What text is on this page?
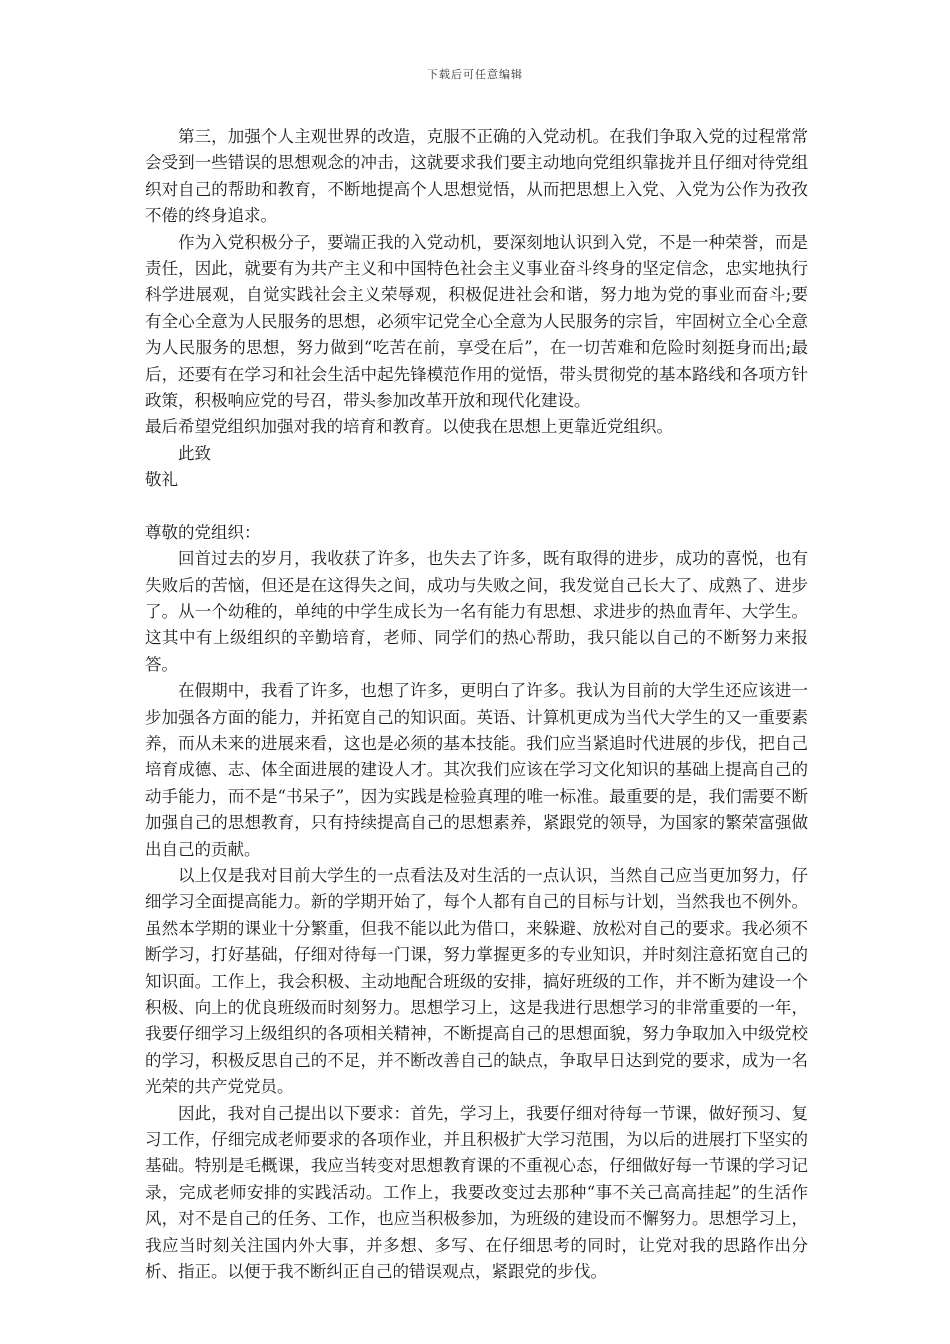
下载后可任意编辑

第三，加强个人主观世界的改造，克服不正确的入党动机。在我们争取入党的过程常常会受到一些错误的思想观念的冲击，这就要求我们要主动地向党组织靠拢并且仔细对待党组织对自己的帮助和教育，不断地提高个人思想觉悟，从而把思想上入党、入党为公作为孜孜不倦的终身追求。

作为入党积极分子，要端正我的入党动机，要深刻地认识到入党，不是一种荣誉，而是责任，因此，就要有为共产主义和中国特色社会主义事业奋斗终身的坚定信念，忠实地执行科学进展观，自觉实践社会主义荣辱观，积极促进社会和谐，努力地为党的事业而奋斗;要有全心全意为人民服务的思想，必须牢记党全心全意为人民服务的宗旨，牢固树立全心全意为人民服务的思想，努力做到“吃苦在前，享受在后”，在一切苦难和危险时刻挺身而出;最后，还要有在学习和社会生活中起先锋模范作用的觉悟，带头贯彻党的基本路线和各项方针政策，积极响应党的号召，带头参加改革开放和现代化建设。

最后希望党组织加强对我的培育和教育。以使我在思想上更靠近党组织。

此致

敬礼

尊敬的党组织：

回首过去的岁月，我收获了许多，也失去了许多，既有取得的进步，成功的喜悦，也有失败后的苦恼，但还是在这得失之间，成功与失败之间，我发觉自己长大了、成熟了、进步了。从一个幼稚的，单纯的中学生成长为一名有能力有思想、求进步的热血青年、大学生。这其中有上级组织的辛勤培育，老师、同学们的热心帮助，我只能以自己的不断努力来报答。

在假期中，我看了许多，也想了许多，更明白了许多。我认为目前的大学生还应该进一步加强各方面的能力，并拓宽自己的知识面。英语、计算机更成为当代大学生的又一重要素养，而从未来的进展来看，这也是必须的基本技能。我们应当紧追时代进展的步伐，把自己培育成德、志、体全面进展的建设人才。其次我们应该在学习文化知识的基础上提高自己的动手能力，而不是“书呆子”，因为实践是检验真理的唯一标准。最重要的是，我们需要不断加强自己的思想教育，只有持续提高自己的思想素养，紧跟党的领导，为国家的繁荣富强做出自己的贡献。

以上仅是我对目前大学生的一点看法及对生活的一点认识，当然自己应当更加努力，仔细学习全面提高能力。新的学期开始了，每个人都有自己的目标与计划，当然我也不例外。虽然本学期的课业十分繁重，但我不能以此为借口，来躲避、放松对自己的要求。我必须不断学习，打好基础，仔细对待每一门课，努力掌握更多的专业知识，并时刻注意拓宽自己的知识面。工作上，我会积极、主动地配合班级的安排，搞好班级的工作，并不断为建设一个积极、向上的优良班级而时刻努力。思想学习上，这是我进行思想学习的非常重要的一年，我要仔细学习上级组织的各项相关精神，不断提高自己的思想面貌，努力争取加入中级党校的学习，积极反思自己的不足，并不断改善自己的缺点，争取早日达到党的要求，成为一名光荣的共产党党员。

因此，我对自己提出以下要求：首先，学习上，我要仔细对待每一节课，做好预习、复习工作，仔细完成老师要求的各项作业，并且积极扩大学习范围，为以后的进展打下坚实的基础。特别是毛概课，我应当转变对思想教育课的不重视心态，仔细做好每一节课的学习记录，完成老师安排的实践活动。工作上，我要改变过去那种“事不关己高高挂起”的生活作风，对不是自己的任务、工作，也应当积极参加，为班级的建设而不懈努力。思想学习上，我应当时刻关注国内外大事，并多想、多写、在仔细思考的同时，让党对我的思路作出分析、指正。以便于我不断纠正自己的错误观点，紧跟党的步伐。
